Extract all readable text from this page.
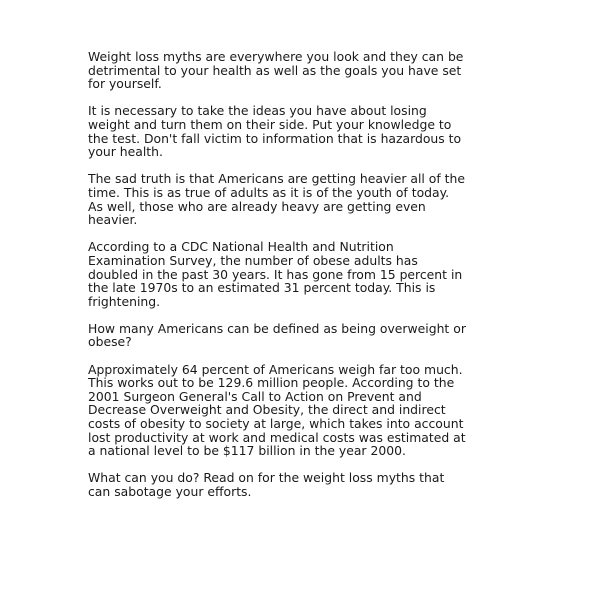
Weight loss myths are everywhere you look and they can be
detrimental to your health as well as the goals you have set
for yourself.

It is necessary to take the ideas you have about losing
weight and turn them on their side. Put your knowledge to
the test. Don't fall victim to information that is hazardous to
your health.

The sad truth is that Americans are getting heavier all of the
time. This is as true of adults as it is of the youth of today.
As well, those who are already heavy are getting even
heavier.

According to a CDC National Health and Nutrition
Examination Survey, the number of obese adults has
doubled in the past 30 years. It has gone from 15 percent in
the late 1970s to an estimated 31 percent today. This is
frightening.

How many Americans can be defined as being overweight or
obese?

Approximately 64 percent of Americans weigh far too much.
This works out to be 129.6 million people. According to the
2001 Surgeon General's Call to Action on Prevent and
Decrease Overweight and Obesity, the direct and indirect
costs of obesity to society at large, which takes into account
lost productivity at work and medical costs was estimated at
a national level to be $117 billion in the year 2000.

What can you do? Read on for the weight loss myths that
can sabotage your efforts.
